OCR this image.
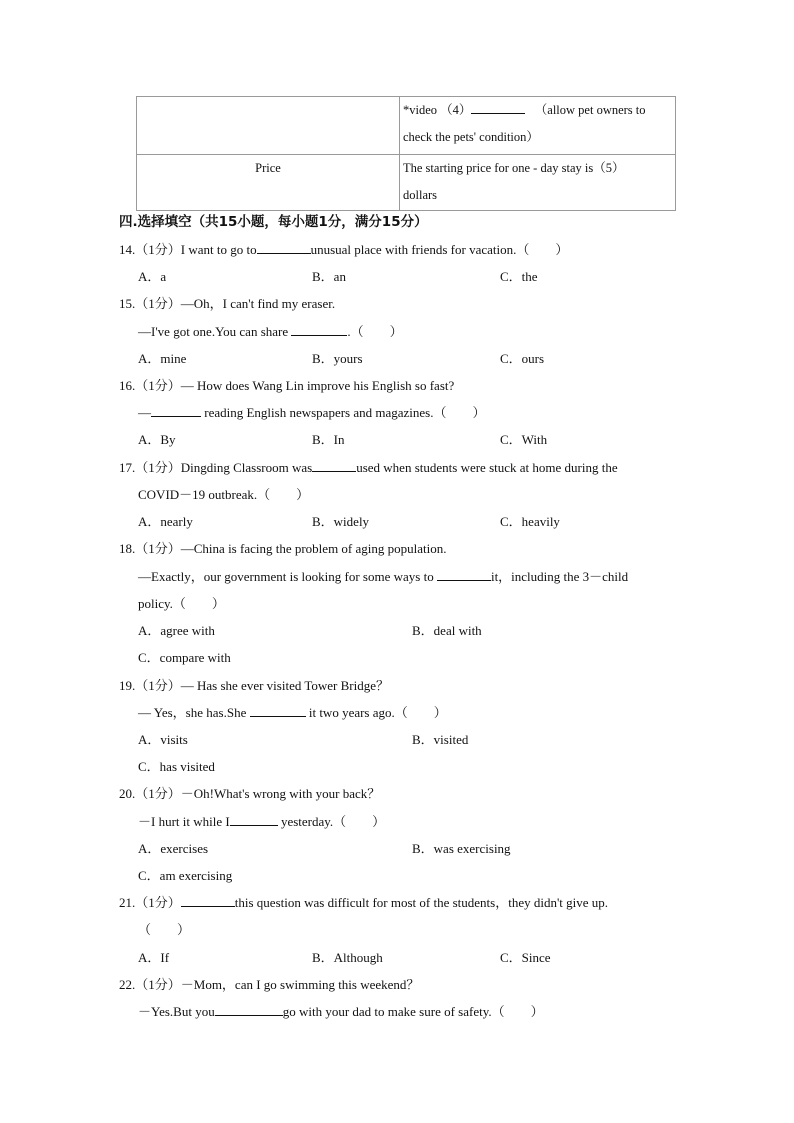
	*video （4） （allow pet owners to
check the pets' condition）
Price	The starting price for one - day stay is（5）
dollars
四.选择填空（共15小题，每小题1分，满分15分）
14.（1分）I want to go to	unusual place with friends for vacation.（　　）
A．a	B．an	C．the
15.（1分）—Oh，I can't find my eraser.
—I've got one.You can share	.（　　）
A．mine	B．yours	C．ours
16.（1分）— How does Wang Lin improve his English so fast?
—	reading English newspapers and magazines.（　　）
A．By	B．In	C．With
17.（1分）Dingding Classroom was	used when students were stuck at home during the
COVID－19 outbreak.（　　）
A．nearly	B．widely	C．heavily
18.（1分）—China is facing the problem of aging population.
—Exactly，our government is looking for some ways to	it，including the 3－child
policy.（　　）
A．agree with	B．deal with
C．compare with
19.（1分）— Has she ever visited Tower Bridge？
— Yes，she has.She	it two years ago.（　　）
A．visits	B．visited
C．has visited
20.（1分）－Oh!What's wrong with your back？
－I hurt it while I	yesterday.（　　）
A．exercises	B．was exercising
C．am exercising
21.（1分）	this question was difficult for most of the students，they didn't give up.
（　　）
A．If	B．Although	C．Since
22.（1分）－Mom，can I go swimming this weekend？
－Yes.But you	go with your dad to make sure of safety.（　　）
